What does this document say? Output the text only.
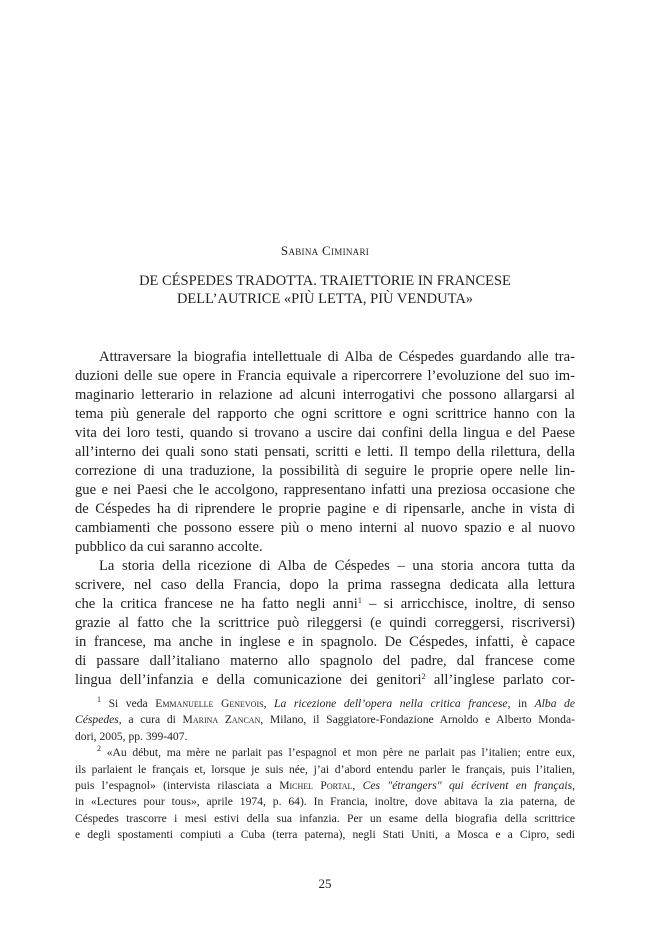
Sabina Ciminari
DE CÉSPEDES TRADOTTA. TRAIETTORIE IN FRANCESE
DELL’AUTRICE «PIÙ LETTA, PIÙ VENDUTA»
Attraversare la biografia intellettuale di Alba de Céspedes guardando alle tra-
duzioni delle sue opere in Francia equivale a ripercorrere l’evoluzione del suo im-
maginario letterario in relazione ad alcuni interrogativi che possono allargarsi al
tema più generale del rapporto che ogni scrittore e ogni scrittrice hanno con la
vita dei loro testi, quando si trovano a uscire dai confini della lingua e del Paese
all’interno dei quali sono stati pensati, scritti e letti. Il tempo della rilettura, della
correzione di una traduzione, la possibilità di seguire le proprie opere nelle lin-
gue e nei Paesi che le accolgono, rappresentano infatti una preziosa occasione che
de Céspedes ha di riprendere le proprie pagine e di ripensarle, anche in vista di
cambiamenti che possono essere più o meno interni al nuovo spazio e al nuovo
pubblico da cui saranno accolte.
La storia della ricezione di Alba de Céspedes – una storia ancora tutta da
scrivere, nel caso della Francia, dopo la prima rassegna dedicata alla lettura
che la critica francese ne ha fatto negli anni$^1$ – si arricchisce, inoltre, di senso
grazie al fatto che la scrittrice può rileggersi (e quindi correggersi, riscriversi)
in francese, ma anche in inglese e in spagnolo. De Céspedes, infatti, è capace
di passare dall’italiano materno allo spagnolo del padre, dal francese come
lingua dell’infanzia e della comunicazione dei genitori$^2$ all’inglese parlato cor-
$^1$ Si veda Emmanuelle Genevois, La ricezione dell’opera nella critica francese, in Alba de
Céspedes, a cura di Marina Zancan, Milano, il Saggiatore-Fondazione Arnoldo e Alberto Monda-
dori, 2005, pp. 399-407.
$^2$ «Au début, ma mère ne parlait pas l’espagnol et mon père ne parlait pas l’italien; entre eux,
ils parlaient le français et, lorsque je suis née, j’ai d’abord entendu parler le français, puis l’italien,
puis l’espagnol» (intervista rilasciata a Michel Portal, Ces "étrangers" qui écrivent en français,
in «Lectures pour tous», aprile 1974, p. 64). In Francia, inoltre, dove abitava la zia paterna, de
Céspedes trascorre i mesi estivi della sua infanzia. Per un esame della biografia della scrittrice
e degli spostamenti compiuti a Cuba (terra paterna), negli Stati Uniti, a Mosca e a Cipro, sedi
25
